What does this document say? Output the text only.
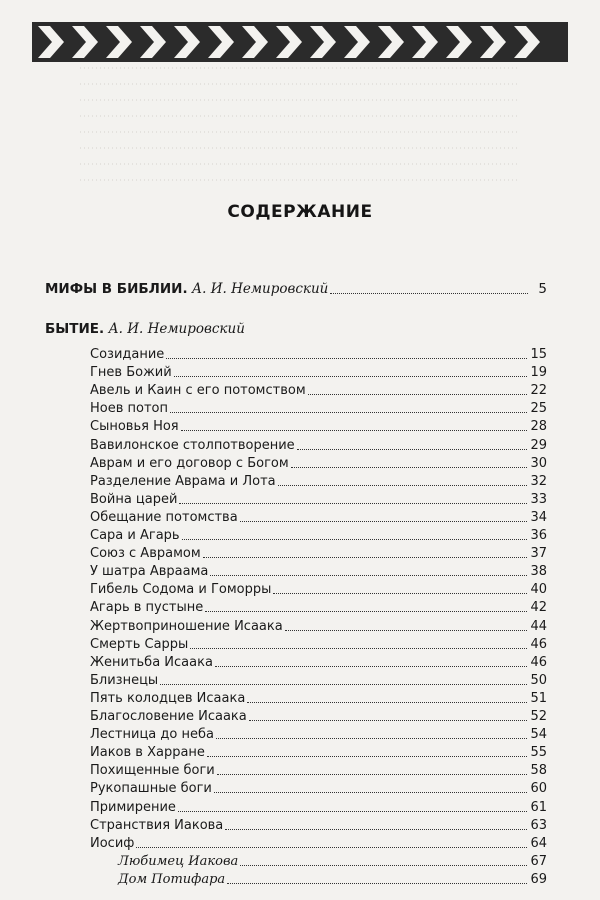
СОДЕРЖАНИЕ
МИФЫ В БИБЛИИ. А. И. Немировский	5
БЫТИЕ. А. И. Немировский
Созидание	15
Гнев Божий	19
Авель и Каин с его потомством	22
Ноев потоп	25
Сыновья Ноя	28
Вавилонское столпотворение	29
Аврам и его договор с Богом	30
Разделение Аврама и Лота	32
Война царей	33
Обещание потомства	34
Сара и Агарь	36
Союз с Аврамом	37
У шатра Авраама	38
Гибель Содома и Гоморры	40
Агарь в пустыне	42
Жертвоприношение Исаака	44
Смерть Сарры	46
Женитьба Исаака	46
Близнецы	50
Пять колодцев Исаака	51
Благословение Исаака	52
Лестница до неба	54
Иаков в Харране	55
Похищенные боги	58
Рукопашные боги	60
Примирение	61
Странствия Иакова	63
Иосиф	64
Любимец Иакова	67
Дом Потифара	69
